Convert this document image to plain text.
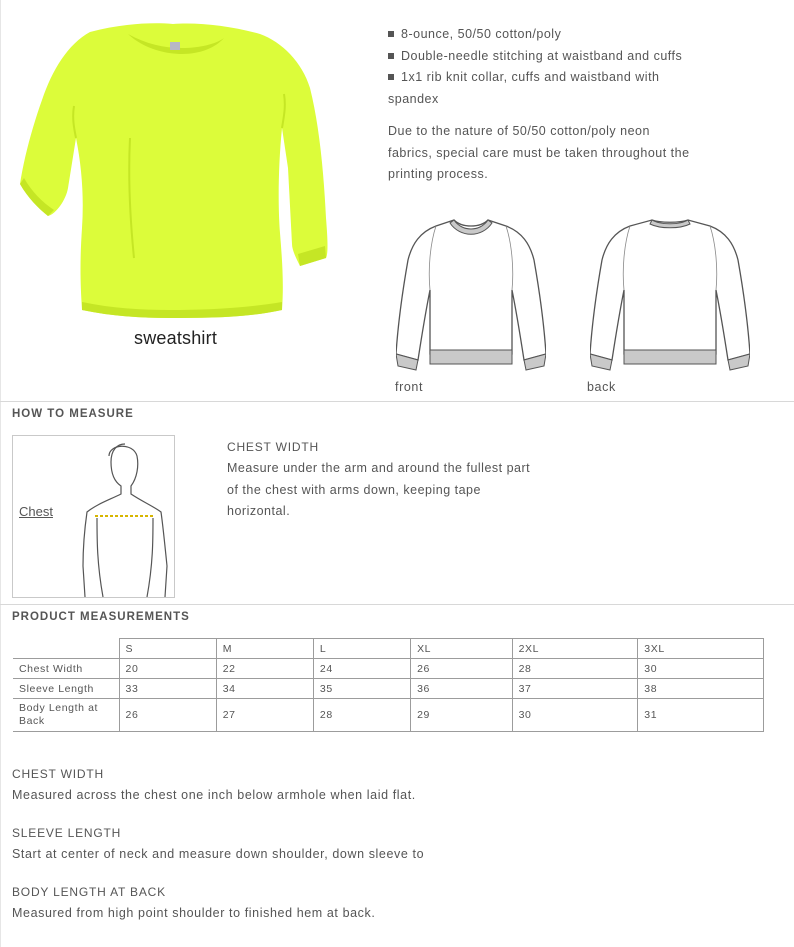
sweatshirt
8-ounce, 50/50 cotton/poly
Double-needle stitching at waistband and cuffs
1x1 rib knit collar, cuffs and waistband with
spandex
Due to the nature of 50/50 cotton/poly neon
fabrics, special care must be taken throughout the
printing process.
front	back
HOW TO MEASURE
Chest
CHEST WIDTH
Measure under the arm and around the fullest part
of the chest with arms down, keeping tape
horizontal.
PRODUCT MEASUREMENTS
	S	M	L	XL	2XL	3XL
Chest Width	20	22	24	26	28	30
Sleeve Length	33	34	35	36	37	38

Body Length at
Back	26	27	28	29	30	31
CHEST WIDTH
Measured across the chest one inch below armhole when laid flat.
SLEEVE LENGTH
Start at center of neck and measure down shoulder, down sleeve to
BODY LENGTH AT BACK
Measured from high point shoulder to finished hem at back.
